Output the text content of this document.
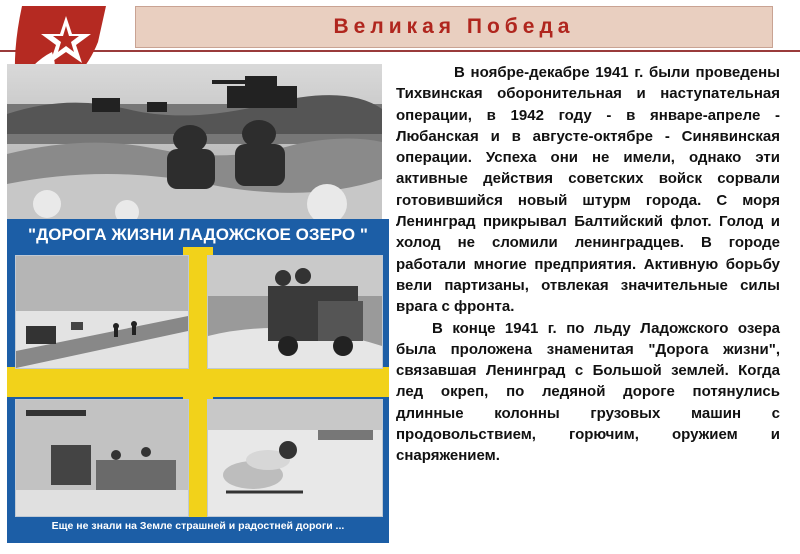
Великая Победа
"ДОРОГА ЖИЗНИ ЛАДОЖСКОЕ ОЗЕРО "
Еще не знали на Земле страшней и радостней дороги ...

В ноябре-декабре 1941 г. были проведены Тихвинская оборонительная и наступательная операции, в 1942 году - в январе-апреле - Любанская и в августе-октябре - Синявинская операции. Успеха они не имели, однако эти активные действия советских войск сорвали готовившийся новый штурм города. С моря Ленинград прикрывал Балтийский флот. Голод и холод не сломили ленинградцев. В городе работали многие предприятия. Активную борьбу вели партизаны, отвлекая значительные силы врага с фронта.

В конце 1941 г. по льду Ладожского озера была проложена знаменитая "Дорога жизни", связавшая Ленинград с Большой землей. Когда лед окреп, по ледяной дороге потянулись длинные колонны грузовых машин с продовольствием, горючим, оружием и снаряжением.
